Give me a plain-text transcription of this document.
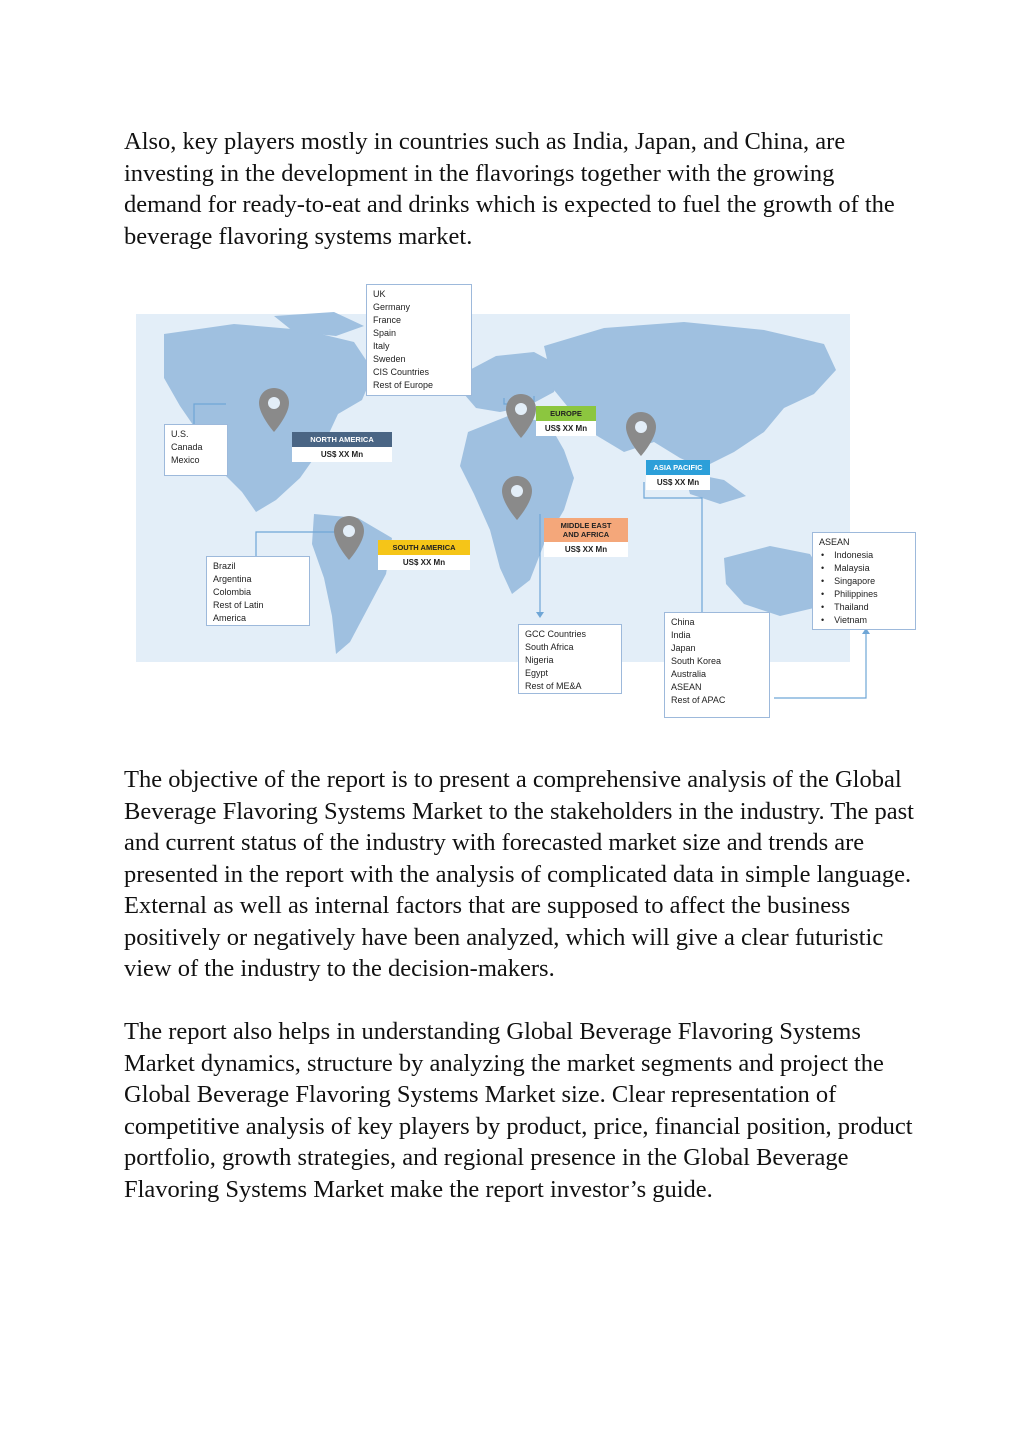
Also, key players mostly in countries such as India, Japan, and China, are investing in the development in the flavorings together with the growing demand for ready-to-eat and drinks which is expected to fuel the growth of the beverage flavoring systems market.

UK
Germany
France
Spain
Italy
Sweden
CIS Countries
Rest of Europe
U.S.
Canada
Mexico
Brazil
Argentina
Colombia
Rest of Latin
America
GCC Countries
South Africa
Nigeria
Egypt
Rest of ME&A
China
India
Japan
South Korea
Australia
ASEAN
Rest of APAC
ASEAN
• Indonesia
• Malaysia
• Singapore
• Philippines
• Thailand
• Vietnam
NORTH AMERICA
US$ XX Mn
EUROPE
US$ XX Mn
ASIA PACIFIC
US$ XX Mn
MIDDLE EAST
AND AFRICA
US$ XX Mn
SOUTH AMERICA
US$ XX Mn

The objective of the report is to present a comprehensive analysis of the Global Beverage Flavoring Systems Market to the stakeholders in the industry. The past and current status of the industry with forecasted market size and trends are presented in the report with the analysis of complicated data in simple language. External as well as internal factors that are supposed to affect the business positively or negatively have been analyzed, which will give a clear futuristic view of the industry to the decision-makers.

The report also helps in understanding Global Beverage Flavoring Systems Market dynamics, structure by analyzing the market segments and project the Global Beverage Flavoring Systems Market size. Clear representation of competitive analysis of key players by product, price, financial position, product portfolio, growth strategies, and regional presence in the Global Beverage Flavoring Systems Market make the report investor’s guide.
